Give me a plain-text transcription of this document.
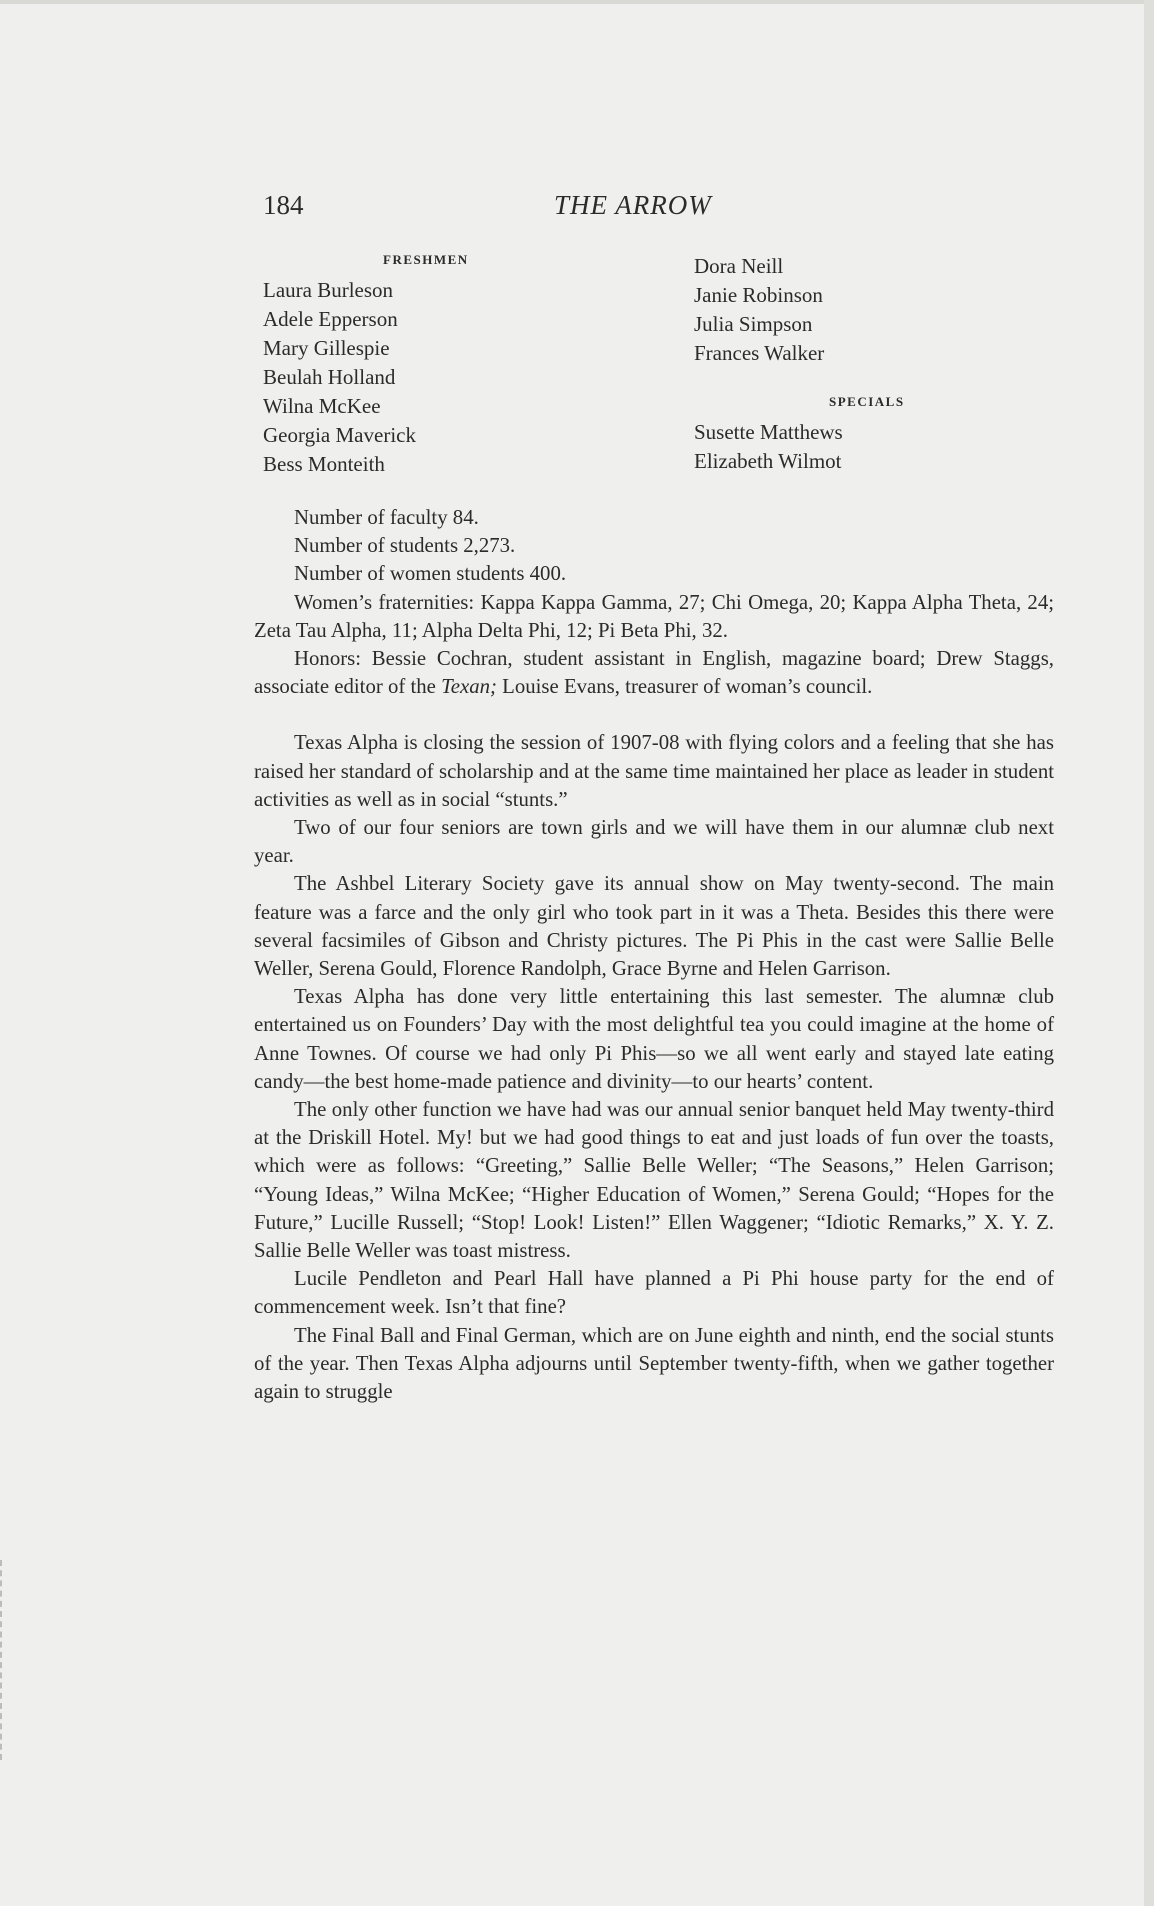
184	THE ARROW
FRESHMEN
Laura Burleson
Adele Epperson
Mary Gillespie
Beulah Holland
Wilna McKee
Georgia Maverick
Bess Monteith
Dora Neill
Janie Robinson
Julia Simpson
Frances Walker
SPECIALS
Susette Matthews
Elizabeth Wilmot
Number of faculty 84.
Number of students 2,273.
Number of women students 400.

Women’s fraternities: Kappa Kappa Gamma, 27; Chi Omega, 20; Kappa Alpha Theta, 24; Zeta Tau Alpha, 11; Alpha Delta Phi, 12; Pi Beta Phi, 32.

Honors: Bessie Cochran, student assistant in English, magazine board; Drew Staggs, associate editor of the Texan; Louise Evans, treasurer of woman’s council.

Texas Alpha is closing the session of 1907-08 with flying colors and a feeling that she has raised her standard of scholarship and at the same time maintained her place as leader in student activities as well as in social “stunts.”

Two of our four seniors are town girls and we will have them in our alumnæ club next year.

The Ashbel Literary Society gave its annual show on May twenty-second. The main feature was a farce and the only girl who took part in it was a Theta. Besides this there were several facsimiles of Gibson and Christy pictures. The Pi Phis in the cast were Sallie Belle Weller, Serena Gould, Florence Randolph, Grace Byrne and Helen Garrison.

Texas Alpha has done very little entertaining this last semester. The alumnæ club entertained us on Founders’ Day with the most delightful tea you could imagine at the home of Anne Townes. Of course we had only Pi Phis—so we all went early and stayed late eating candy—the best home-made patience and divinity—to our hearts’ content.

The only other function we have had was our annual senior banquet held May twenty-third at the Driskill Hotel. My! but we had good things to eat and just loads of fun over the toasts, which were as follows: “Greeting,” Sallie Belle Weller; “The Seasons,” Helen Garrison; “Young Ideas,” Wilna McKee; “Higher Education of Women,” Serena Gould; “Hopes for the Future,” Lucille Russell; “Stop! Look! Listen!” Ellen Waggener; “Idiotic Remarks,” X. Y. Z. Sallie Belle Weller was toast mistress.

Lucile Pendleton and Pearl Hall have planned a Pi Phi house party for the end of commencement week. Isn’t that fine?

The Final Ball and Final German, which are on June eighth and ninth, end the social stunts of the year. Then Texas Alpha adjourns until September twenty-fifth, when we gather together again to struggle
